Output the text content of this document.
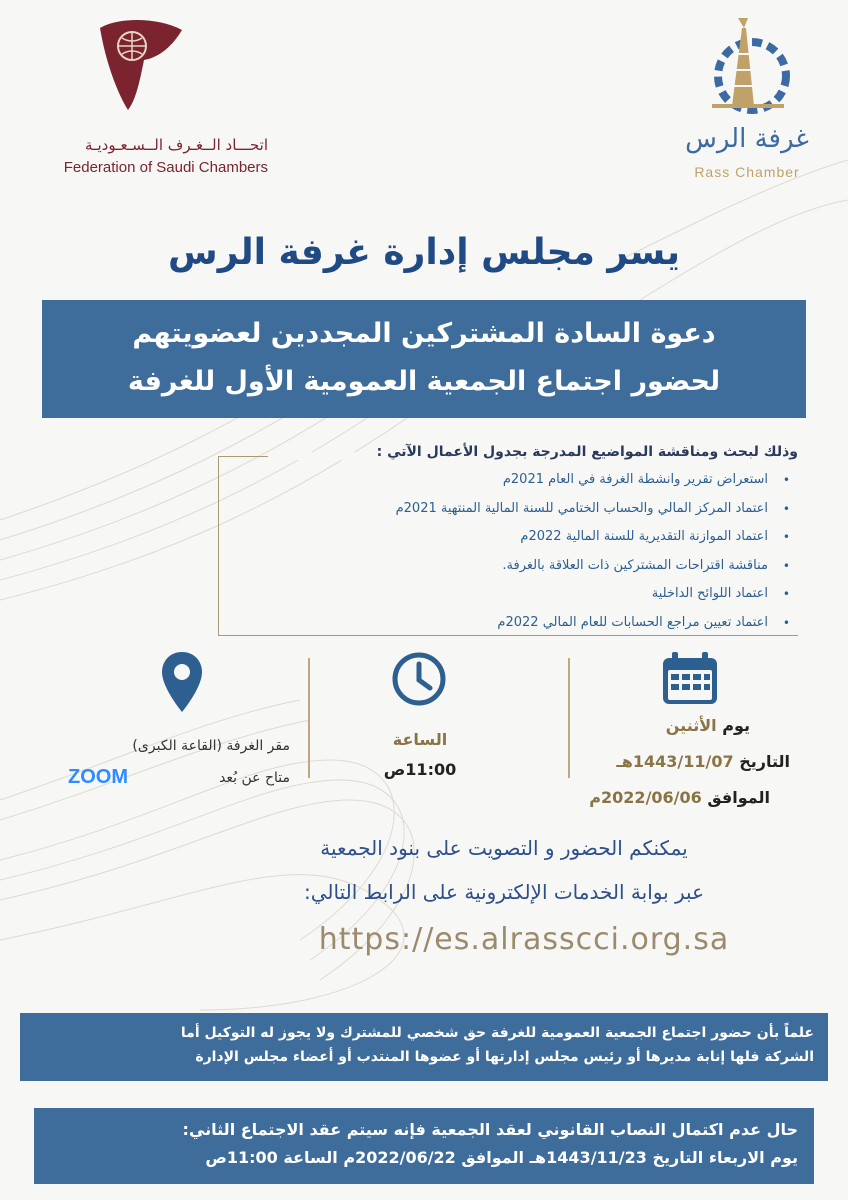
اتحـــاد الــغـرف الــسـعـوديـة
Federation of Saudi Chambers
غرفة الرس
Rass Chamber
يسر مجلس إدارة غرفة الرس
دعوة السادة المشتركين المجددين لعضويتهم
لحضور اجتماع الجمعية العمومية الأول للغرفة
وذلك لبحث ومناقشة المواضيع المدرجة بجدول الأعمال الآتي :
• استعراض تقرير وانشطة الغرفة في العام 2021م
• اعتماد المركز المالي والحساب الختامي للسنة المالية المنتهية 2021م
• اعتماد الموازنة التقديرية للسنة المالية 2022م
• مناقشة اقتراحات المشتركين ذات العلاقة بالغرفة.
• اعتماد اللوائح الداخلية
• اعتماد تعيين مراجع الحسابات للعام المالي 2022م
يوم الأثنين
التاريخ 1443/11/07هـ
الموافق 2022/06/06م
الساعة
11:00ص
مقر الغرفة (القاعة الكبرى)
متاح عن بُعد
ZOOM
يمكنكم الحضور و التصويت على بنود الجمعية
عبر بوابة الخدمات الإلكترونية على الرابط التالي:
https://es.alrasscci.org.sa
علماً بأن حضور اجتماع الجمعية العمومية للغرفة حق شخصي للمشترك ولا يجوز له التوكيل أما
الشركة فلها إنابة مديرها أو رئيس مجلس إدارتها أو عضوها المنتدب أو أعضاء مجلس الإدارة
حال عدم اكتمال النصاب القانوني لعقد الجمعية فإنه سيتم عقد الاجتماع الثاني:
يوم الاربعاء التاريخ 1443/11/23هـ الموافق 2022/06/22م الساعة 11:00ص
